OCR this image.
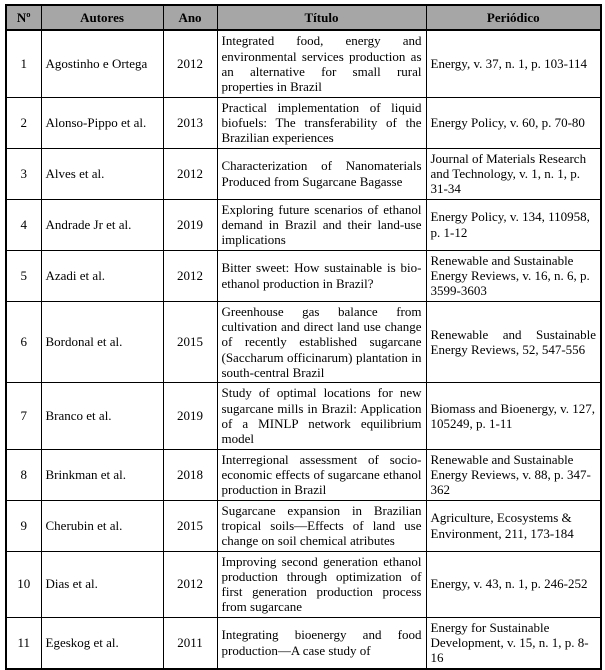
Nº	Autores	Ano	Título	Periódico
1	Agostinho e Ortega	2012	Integrated food, energy and environmental services production as an alternative for small rural properties in Brazil	Energy, v. 37, n. 1, p. 103-114
2	Alonso-Pippo et al.	2013	Practical implementation of liquid biofuels: The transferability of the Brazilian experiences	Energy Policy, v. 60, p. 70-80
3	Alves et al.	2012	Characterization of Nanomaterials Produced from Sugarcane Bagasse	Journal of Materials Research and Technology, v. 1, n. 1, p. 31-34
4	Andrade Jr et al.	2019	Exploring future scenarios of ethanol demand in Brazil and their land-use implications	Energy Policy, v. 134, 110958, p. 1-12
5	Azadi et al.	2012	Bitter sweet: How sustainable is bio-ethanol production in Brazil?	Renewable and Sustainable Energy Reviews, v. 16, n. 6, p. 3599-3603
6	Bordonal et al.	2015	Greenhouse gas balance from cultivation and direct land use change of recently established sugarcane (Saccharum officinarum) plantation in south-central Brazil	Renewable and Sustainable Energy Reviews, 52, 547-556
7	Branco et al.	2019	Study of optimal locations for new sugarcane mills in Brazil: Application of a MINLP network equilibrium model	Biomass and Bioenergy, v. 127, 105249, p. 1-11
8	Brinkman et al.	2018	Interregional assessment of socio-economic effects of sugarcane ethanol production in Brazil	Renewable and Sustainable Energy Reviews, v. 88, p. 347-362
9	Cherubin et al.	2015	Sugarcane expansion in Brazilian tropical soils—Effects of land use change on soil chemical atributes	Agriculture, Ecosystems & Environment, 211, 173-184
10	Dias et al.	2012	Improving second generation ethanol production through optimization of first generation production process from sugarcane	Energy, v. 43, n. 1, p. 246-252
11	Egeskog et al.	2011	Integrating bioenergy and food production—A case study of	Energy for Sustainable Development, v. 15, n. 1, p. 8-16
